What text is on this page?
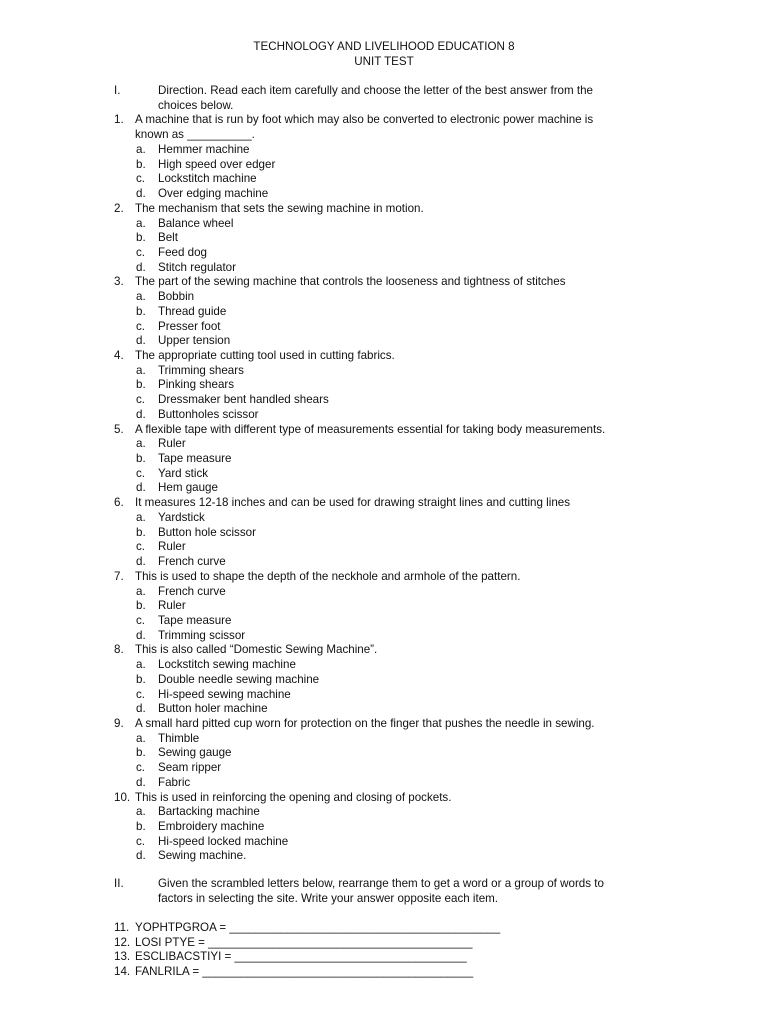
TECHNOLOGY AND LIVELIHOOD EDUCATION 8
UNIT TEST
I.	Direction. Read each item carefully and choose the letter of the best answer from the
choices below.
1. A machine that is run by foot which may also be converted to electronic power machine is
known as __________.
a. Hemmer machine
b. High speed over edger
c. Lockstitch machine
d. Over edging machine
2. The mechanism that sets the sewing machine in motion.
a. Balance wheel
b. Belt
c. Feed dog
d. Stitch regulator
3. The part of the sewing machine that controls the looseness and tightness of stitches
a. Bobbin
b. Thread guide
c. Presser foot
d. Upper tension
4. The appropriate cutting tool used in cutting fabrics.
a. Trimming shears
b. Pinking shears
c. Dressmaker bent handled shears
d. Buttonholes scissor
5. A flexible tape with different type of measurements essential for taking body measurements.
a. Ruler
b. Tape measure
c. Yard stick
d. Hem gauge
6. It measures 12-18 inches and can be used for drawing straight lines and cutting lines
a. Yardstick
b. Button hole scissor
c. Ruler
d. French curve
7. This is used to shape the depth of the neckhole and armhole of the pattern.
a. French curve
b. Ruler
c. Tape measure
d. Trimming scissor
8. This is also called “Domestic Sewing Machine”.
a. Lockstitch sewing machine
b. Double needle sewing machine
c. Hi-speed sewing machine
d. Button holer machine
9. A small hard pitted cup worn for protection on the finger that pushes the needle in sewing.
a. Thimble
b. Sewing gauge
c. Seam ripper
d. Fabric
10. This is used in reinforcing the opening and closing of pockets.
a. Bartacking machine
b. Embroidery machine
c. Hi-speed locked machine
d. Sewing machine.
II.	Given the scrambled letters below, rearrange them to get a word or a group of words to
factors in selecting the site. Write your answer opposite each item.
11. YOPHTPGROA = __________________________________________
12. LOSI PTYE = _________________________________________
13. ESCLIBACSTIYI = ____________________________________
14. FANLRILA = __________________________________________
